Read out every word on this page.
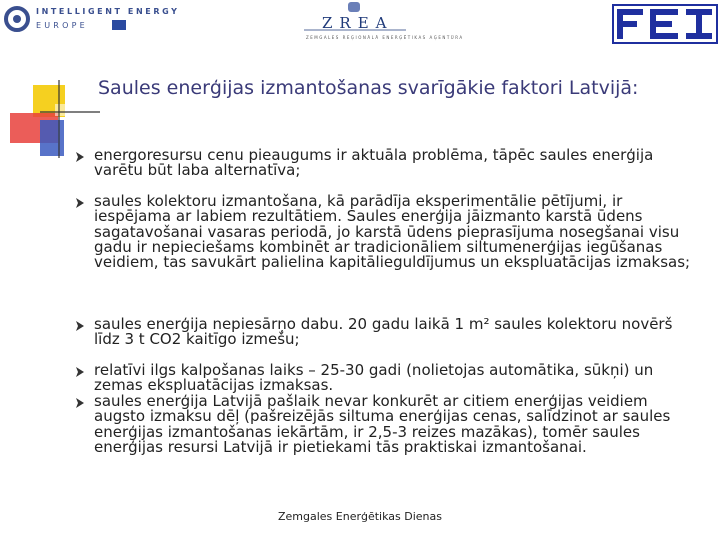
INTELLIGENT ENERGY
EUROPE	ZREA
ZEMGALES REĢIONĀLĀ ENERĢĒTIKAS AĢENTŪRA
Saules enerģijas izmantošanas svarīgākie faktori Latvijā:
energoresursu cenu pieaugums ir aktuāla problēma, tāpēc saules enerģija varētu būt laba alternatīva;
saules kolektoru izmantošana, kā parādīja eksperimentālie pētījumi, ir iespējama ar labiem rezultātiem. Saules enerģija jāizmanto karstā ūdens sagatavošanai vasaras periodā, jo karstā ūdens pieprasījuma nosegšanai visu gadu ir nepieciešams kombinēt ar tradicionāliem siltumenerģijas iegūšanas veidiem, tas savukārt palielina kapitālieguldījumus un ekspluatācijas izmaksas;
saules enerģija nepiesārņo dabu. 20 gadu laikā 1 m² saules kolektoru novērš līdz 3 t CO2 kaitīgo izmešu;
relatīvi ilgs kalpošanas laiks – 25-30 gadi (nolietojas automātika, sūkņi) un zemas ekspluatācijas izmaksas.
saules enerģija Latvijā pašlaik nevar konkurēt ar citiem enerģijas veidiem augsto izmaksu dēļ (pašreizējās siltuma enerģijas cenas, salīdzinot ar saules enerģijas izmantošanas iekārtām, ir 2,5-3 reizes mazākas), tomēr saules enerģijas resursi Latvijā ir pietiekami tās praktiskai izmantošanai.
Zemgales Enerģētikas Dienas
